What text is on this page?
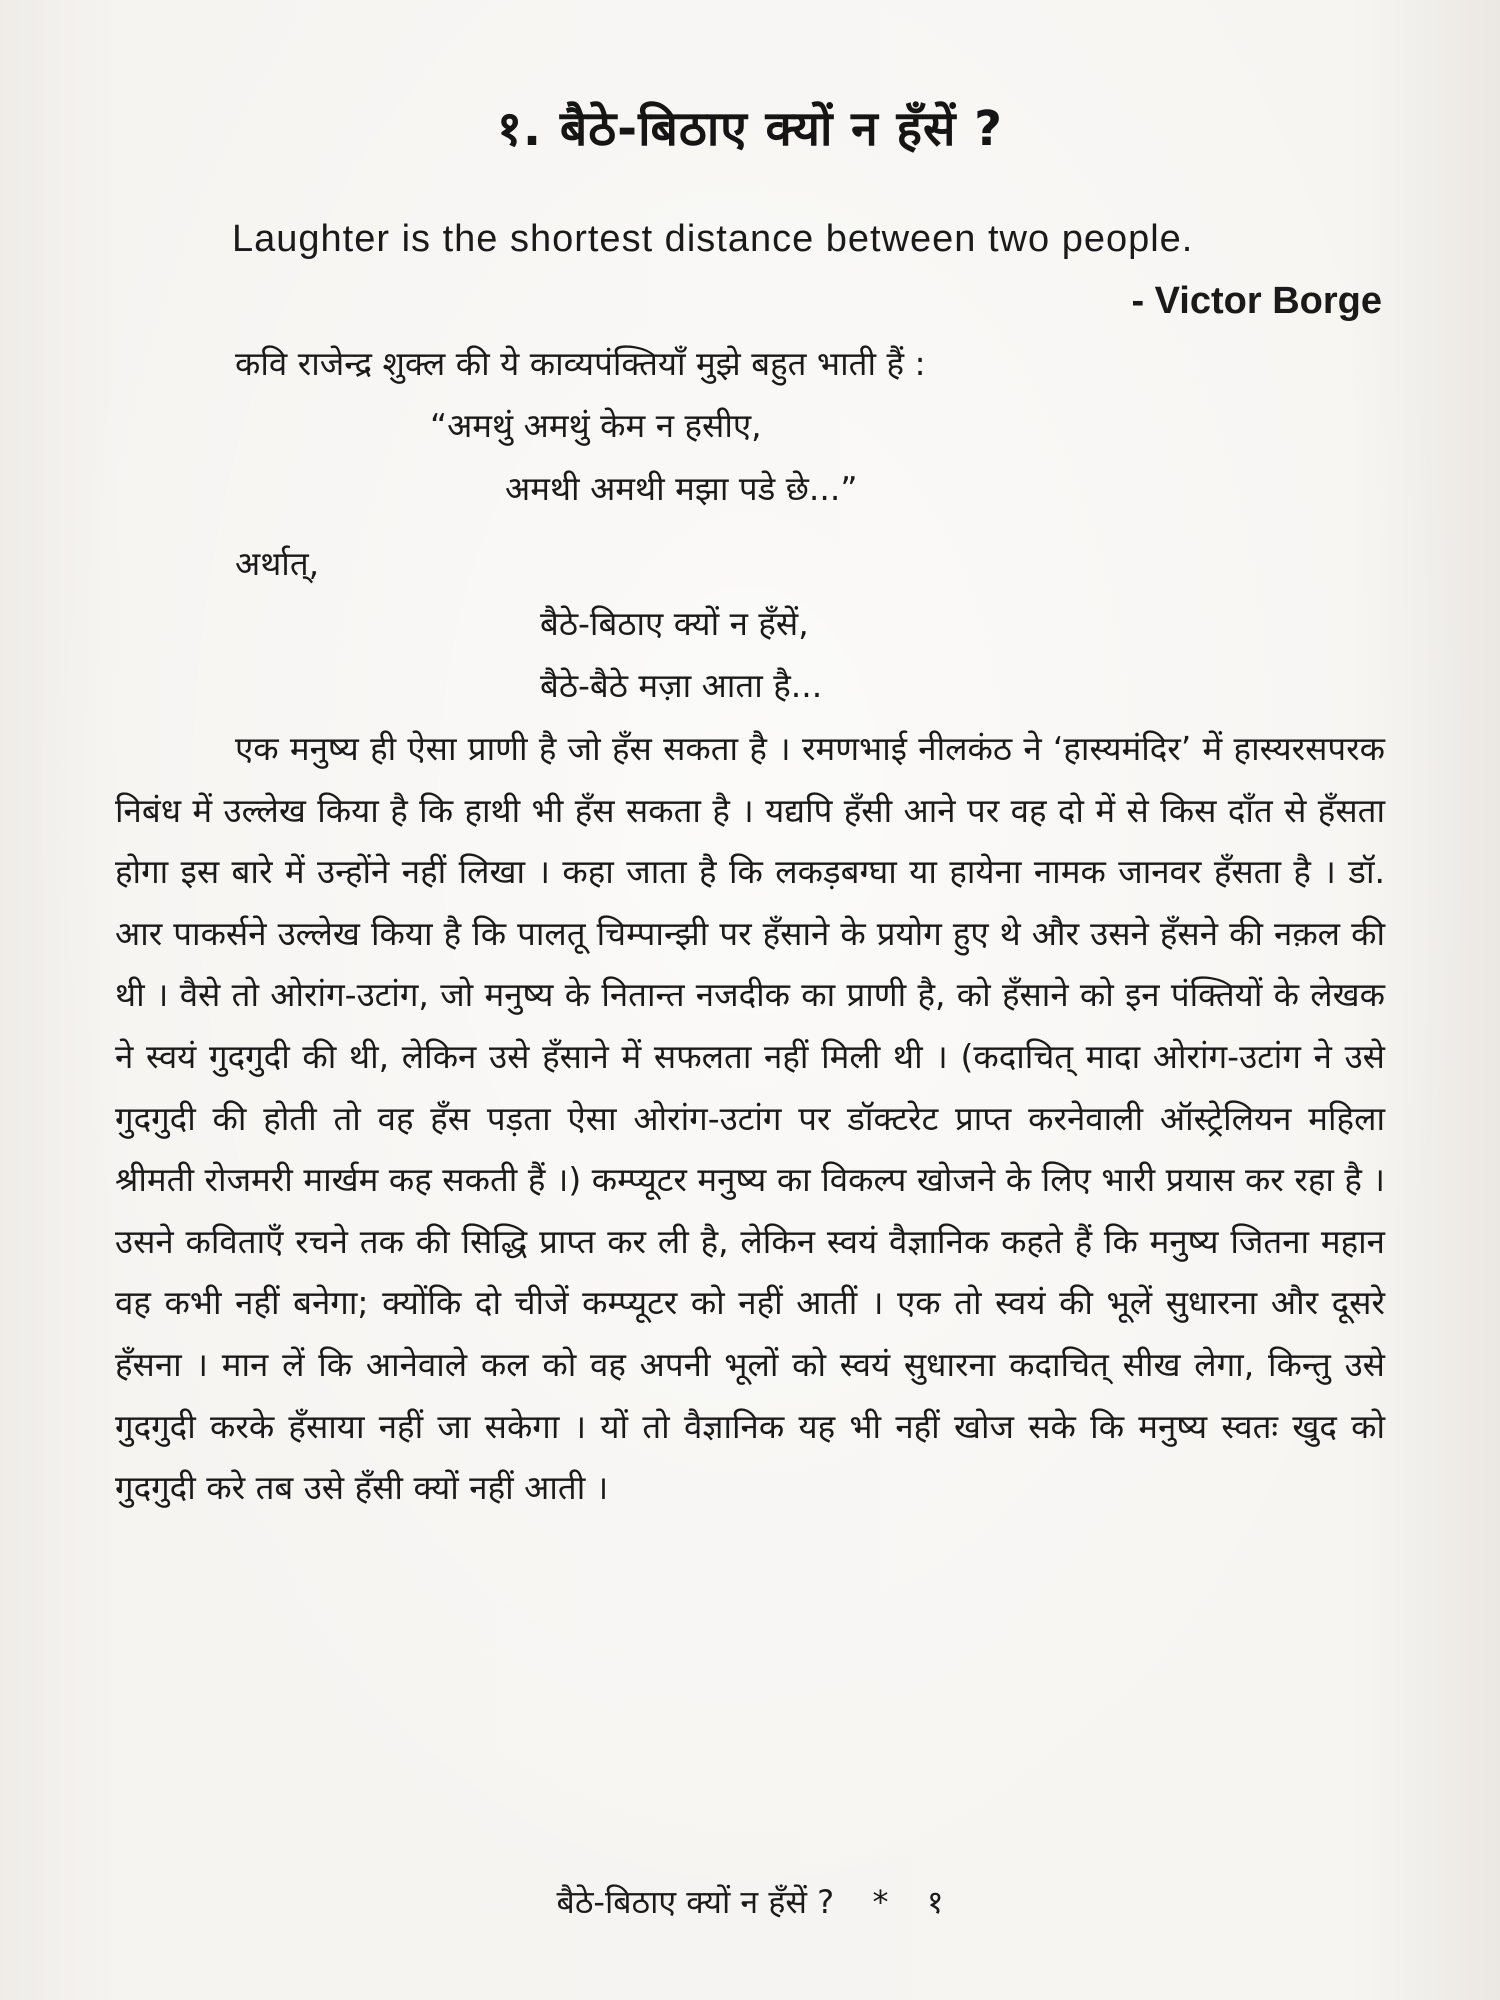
१. बैठे-बिठाए क्यों न हँसें ?
Laughter is the shortest distance between two people.
- Victor Borge
कवि राजेन्द्र शुक्ल की ये काव्यपंक्तियाँ मुझे बहुत भाती हैं :
“अमथुं अमथुं केम न हसीए,
अमथी अमथी मझा पडे छे...”
अर्थात्,
बैठे-बिठाए क्यों न हँसें,
बैठे-बैठे मज़ा आता है...
एक मनुष्य ही ऐसा प्राणी है जो हँस सकता है । रमणभाई नीलकंठ ने ‘हास्यमंदिर’ में हास्यरसपरक निबंध में उल्लेख किया है कि हाथी भी हँस सकता है । यद्यपि हँसी आने पर वह दो में से किस दाँत से हँसता होगा इस बारे में उन्होंने नहीं लिखा । कहा जाता है कि लकड़बग्घा या हायेना नामक जानवर हँसता है । डॉ. आर पाकर्सने उल्लेख किया है कि पालतू चिम्पान्झी पर हँसाने के प्रयोग हुए थे और उसने हँसने की नक़ल की थी । वैसे तो ओरांग-उटांग, जो मनुष्य के नितान्त नजदीक का प्राणी है, को हँसाने को इन पंक्तियों के लेखक ने स्वयं गुदगुदी की थी, लेकिन उसे हँसाने में सफलता नहीं मिली थी । (कदाचित् मादा ओरांग-उटांग ने उसे गुदगुदी की होती तो वह हँस पड़ता ऐसा ओरांग-उटांग पर डॉक्टरेट प्राप्त करनेवाली ऑस्ट्रेलियन महिला श्रीमती रोजमरी मार्खम कह सकती हैं ।) कम्प्यूटर मनुष्य का विकल्प खोजने के लिए भारी प्रयास कर रहा है । उसने कविताएँ रचने तक की सिद्धि प्राप्त कर ली है, लेकिन स्वयं वैज्ञानिक कहते हैं कि मनुष्य जितना महान वह कभी नहीं बनेगा; क्योंकि दो चीजें कम्प्यूटर को नहीं आतीं । एक तो स्वयं की भूलें सुधारना और दूसरे हँसना । मान लें कि आनेवाले कल को वह अपनी भूलों को स्वयं सुधारना कदाचित् सीख लेगा, किन्तु उसे गुदगुदी करके हँसाया नहीं जा सकेगा । यों तो वैज्ञानिक यह भी नहीं खोज सके कि मनुष्य स्वतः खुद को गुदगुदी करे तब उसे हँसी क्यों नहीं आती ।
बैठे-बिठाए क्यों न हँसें ? * १
